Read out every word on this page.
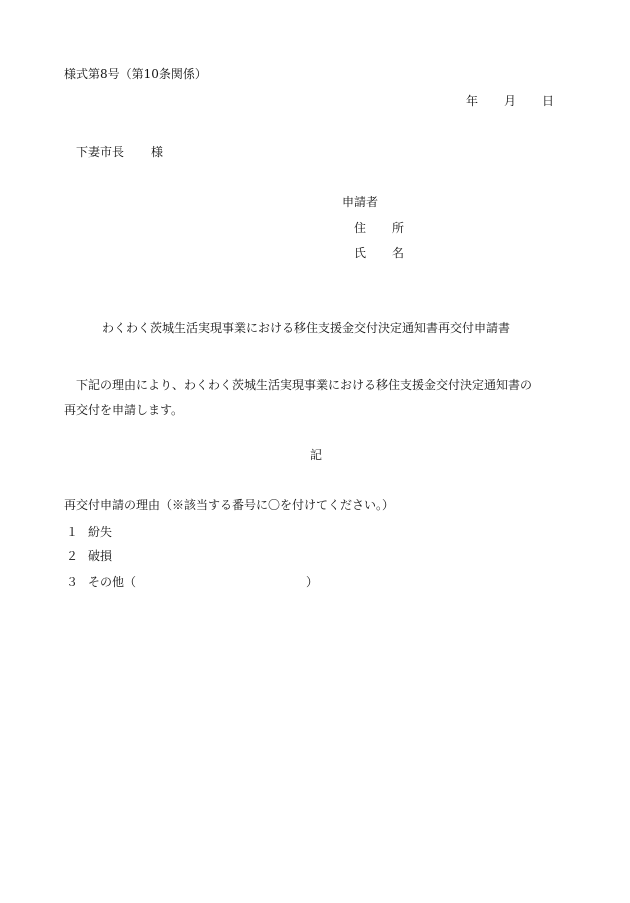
様式第8号（第10条関係）
年 月 日
下妻市長 様
申請者
住 所
氏 名
わくわく茨城生活実現事業における移住支援金交付決定通知書再交付申請書

下記の理由により、わくわく茨城生活実現事業における移住支援金交付決定通知書の

再交付を申請します。

記
再交付申請の理由（※該当する番号に〇を付けてください。）
１ 紛失
２ 破損
３ その他（	）
